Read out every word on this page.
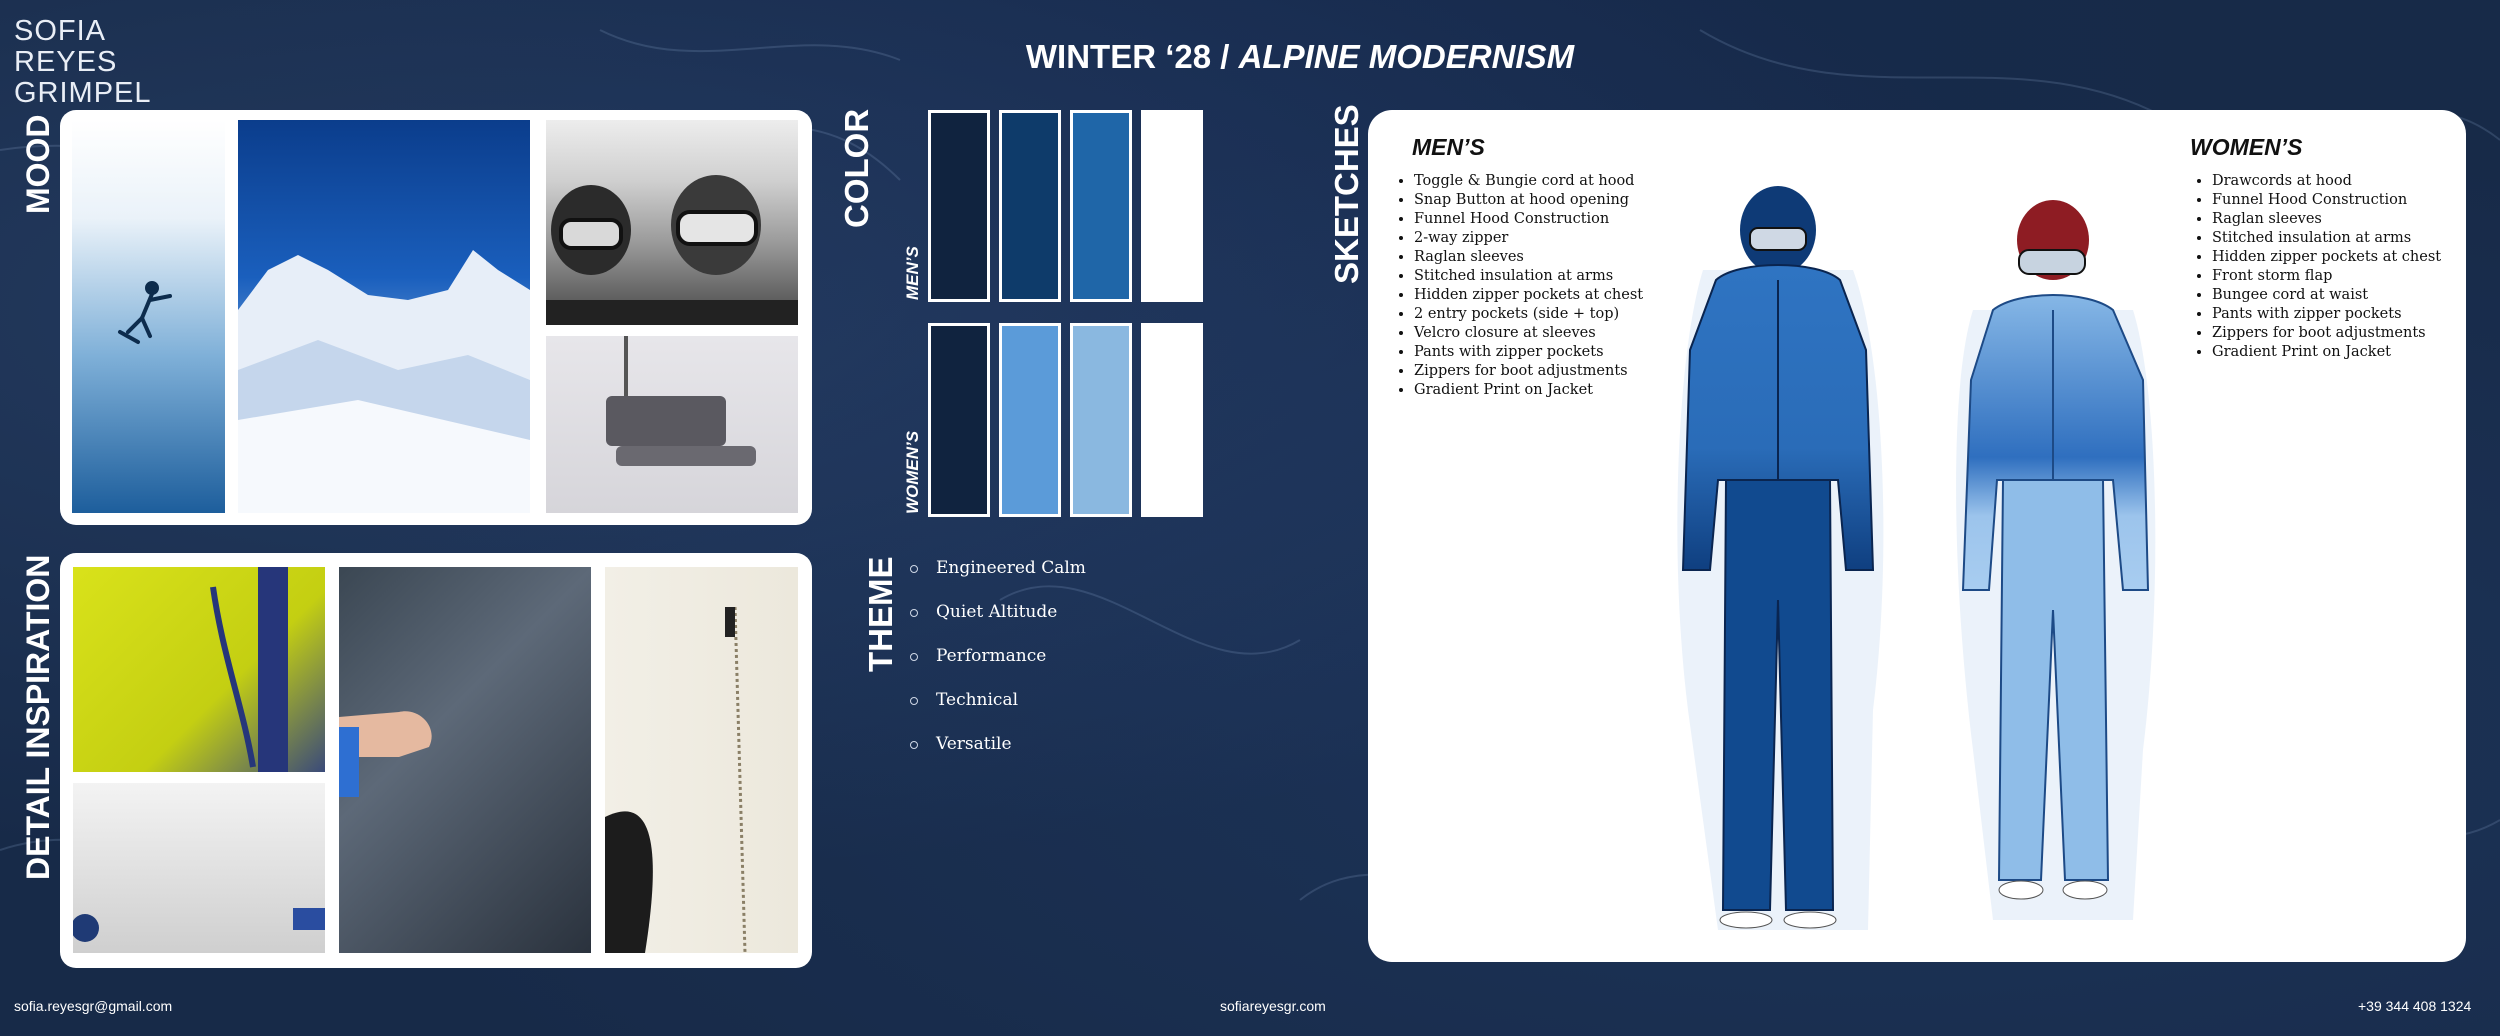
SOFIA
REYES
GRIMPEL
WINTER ‘28 / ALPINE MODERNISM
MOOD
DETAIL INSPIRATION
COLOR
THEME
SKETCHES
MEN’S
WOMEN’S
Engineered Calm
Quiet Altitude
Performance
Technical
Versatile
MEN’S
• Toggle & Bungie cord at hood
• Snap Button at hood opening
• Funnel Hood Construction
• 2-way zipper
• Raglan sleeves
• Stitched insulation at arms
• Hidden zipper pockets at chest
• 2 entry pockets (side + top)
• Velcro closure at sleeves
• Pants with zipper pockets
• Zippers for boot adjustments
• Gradient Print on Jacket
WOMEN’S
• Drawcords at hood
• Funnel Hood Construction
• Raglan sleeves
• Stitched insulation at arms
• Hidden zipper pockets at chest
• Front storm flap
• Bungee cord at waist
• Pants with zipper pockets
• Zippers for boot adjustments
• Gradient Print on Jacket
sofia.reyesgr@gmail.com	sofiareyesgr.com	+39 344 408 1324
